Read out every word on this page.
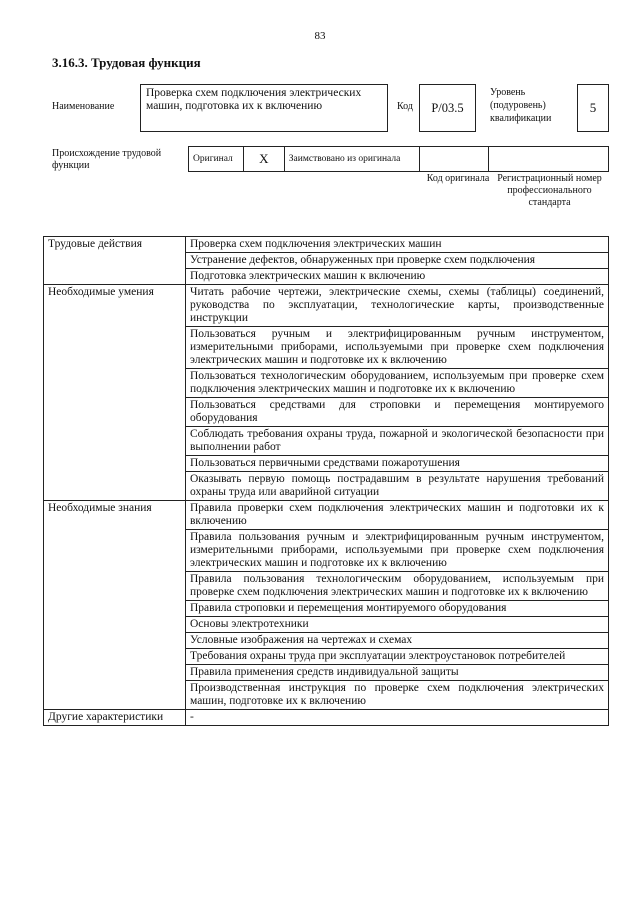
83
3.16.3. Трудовая функция
Наименование
Проверка схем подключения электрических машин, подготовка их к включению	Код	P/03.5
Уровень (подуровень) квалификации
5
Происхождение трудовой функции
Оригинал	X	Заимствовано из оригинала
Код оригинала Регистрационный номер профессионального стандарта
Трудовые действия	Проверка схем подключения электрических машин
	Устранение дефектов, обнаруженных при проверке схем подключения
	Подготовка электрических машин к включению
Необходимые умения	Читать рабочие чертежи, электрические схемы, схемы (таблицы) соединений, руководства по эксплуатации, технологические карты, производственные инструкции
	Пользоваться ручным и электрифицированным ручным инструментом, измерительными приборами, используемыми при проверке схем подключения электрических машин и подготовке их к включению
	Пользоваться технологическим оборудованием, используемым при проверке схем подключения электрических машин и подготовке их к включению
	Пользоваться средствами для строповки и перемещения монтируемого оборудования
	Соблюдать требования охраны труда, пожарной и экологической безопасности при выполнении работ
	Пользоваться первичными средствами пожаротушения
	Оказывать первую помощь пострадавшим в результате нарушения требований охраны труда или аварийной ситуации
Необходимые знания	Правила проверки схем подключения электрических машин и подготовки их к включению
	Правила пользования ручным и электрифицированным ручным инструментом, измерительными приборами, используемыми при проверке схем подключения электрических машин и подготовке их к включению
	Правила пользования технологическим оборудованием, используемым при проверке схем подключения электрических машин и подготовке их к включению
	Правила строповки и перемещения монтируемого оборудования
	Основы электротехники
	Условные изображения на чертежах и схемах
	Требования охраны труда при эксплуатации электроустановок потребителей
	Правила применения средств индивидуальной защиты
	Производственная инструкция по проверке схем подключения электрических машин, подготовке их к включению
Другие характеристики	-
